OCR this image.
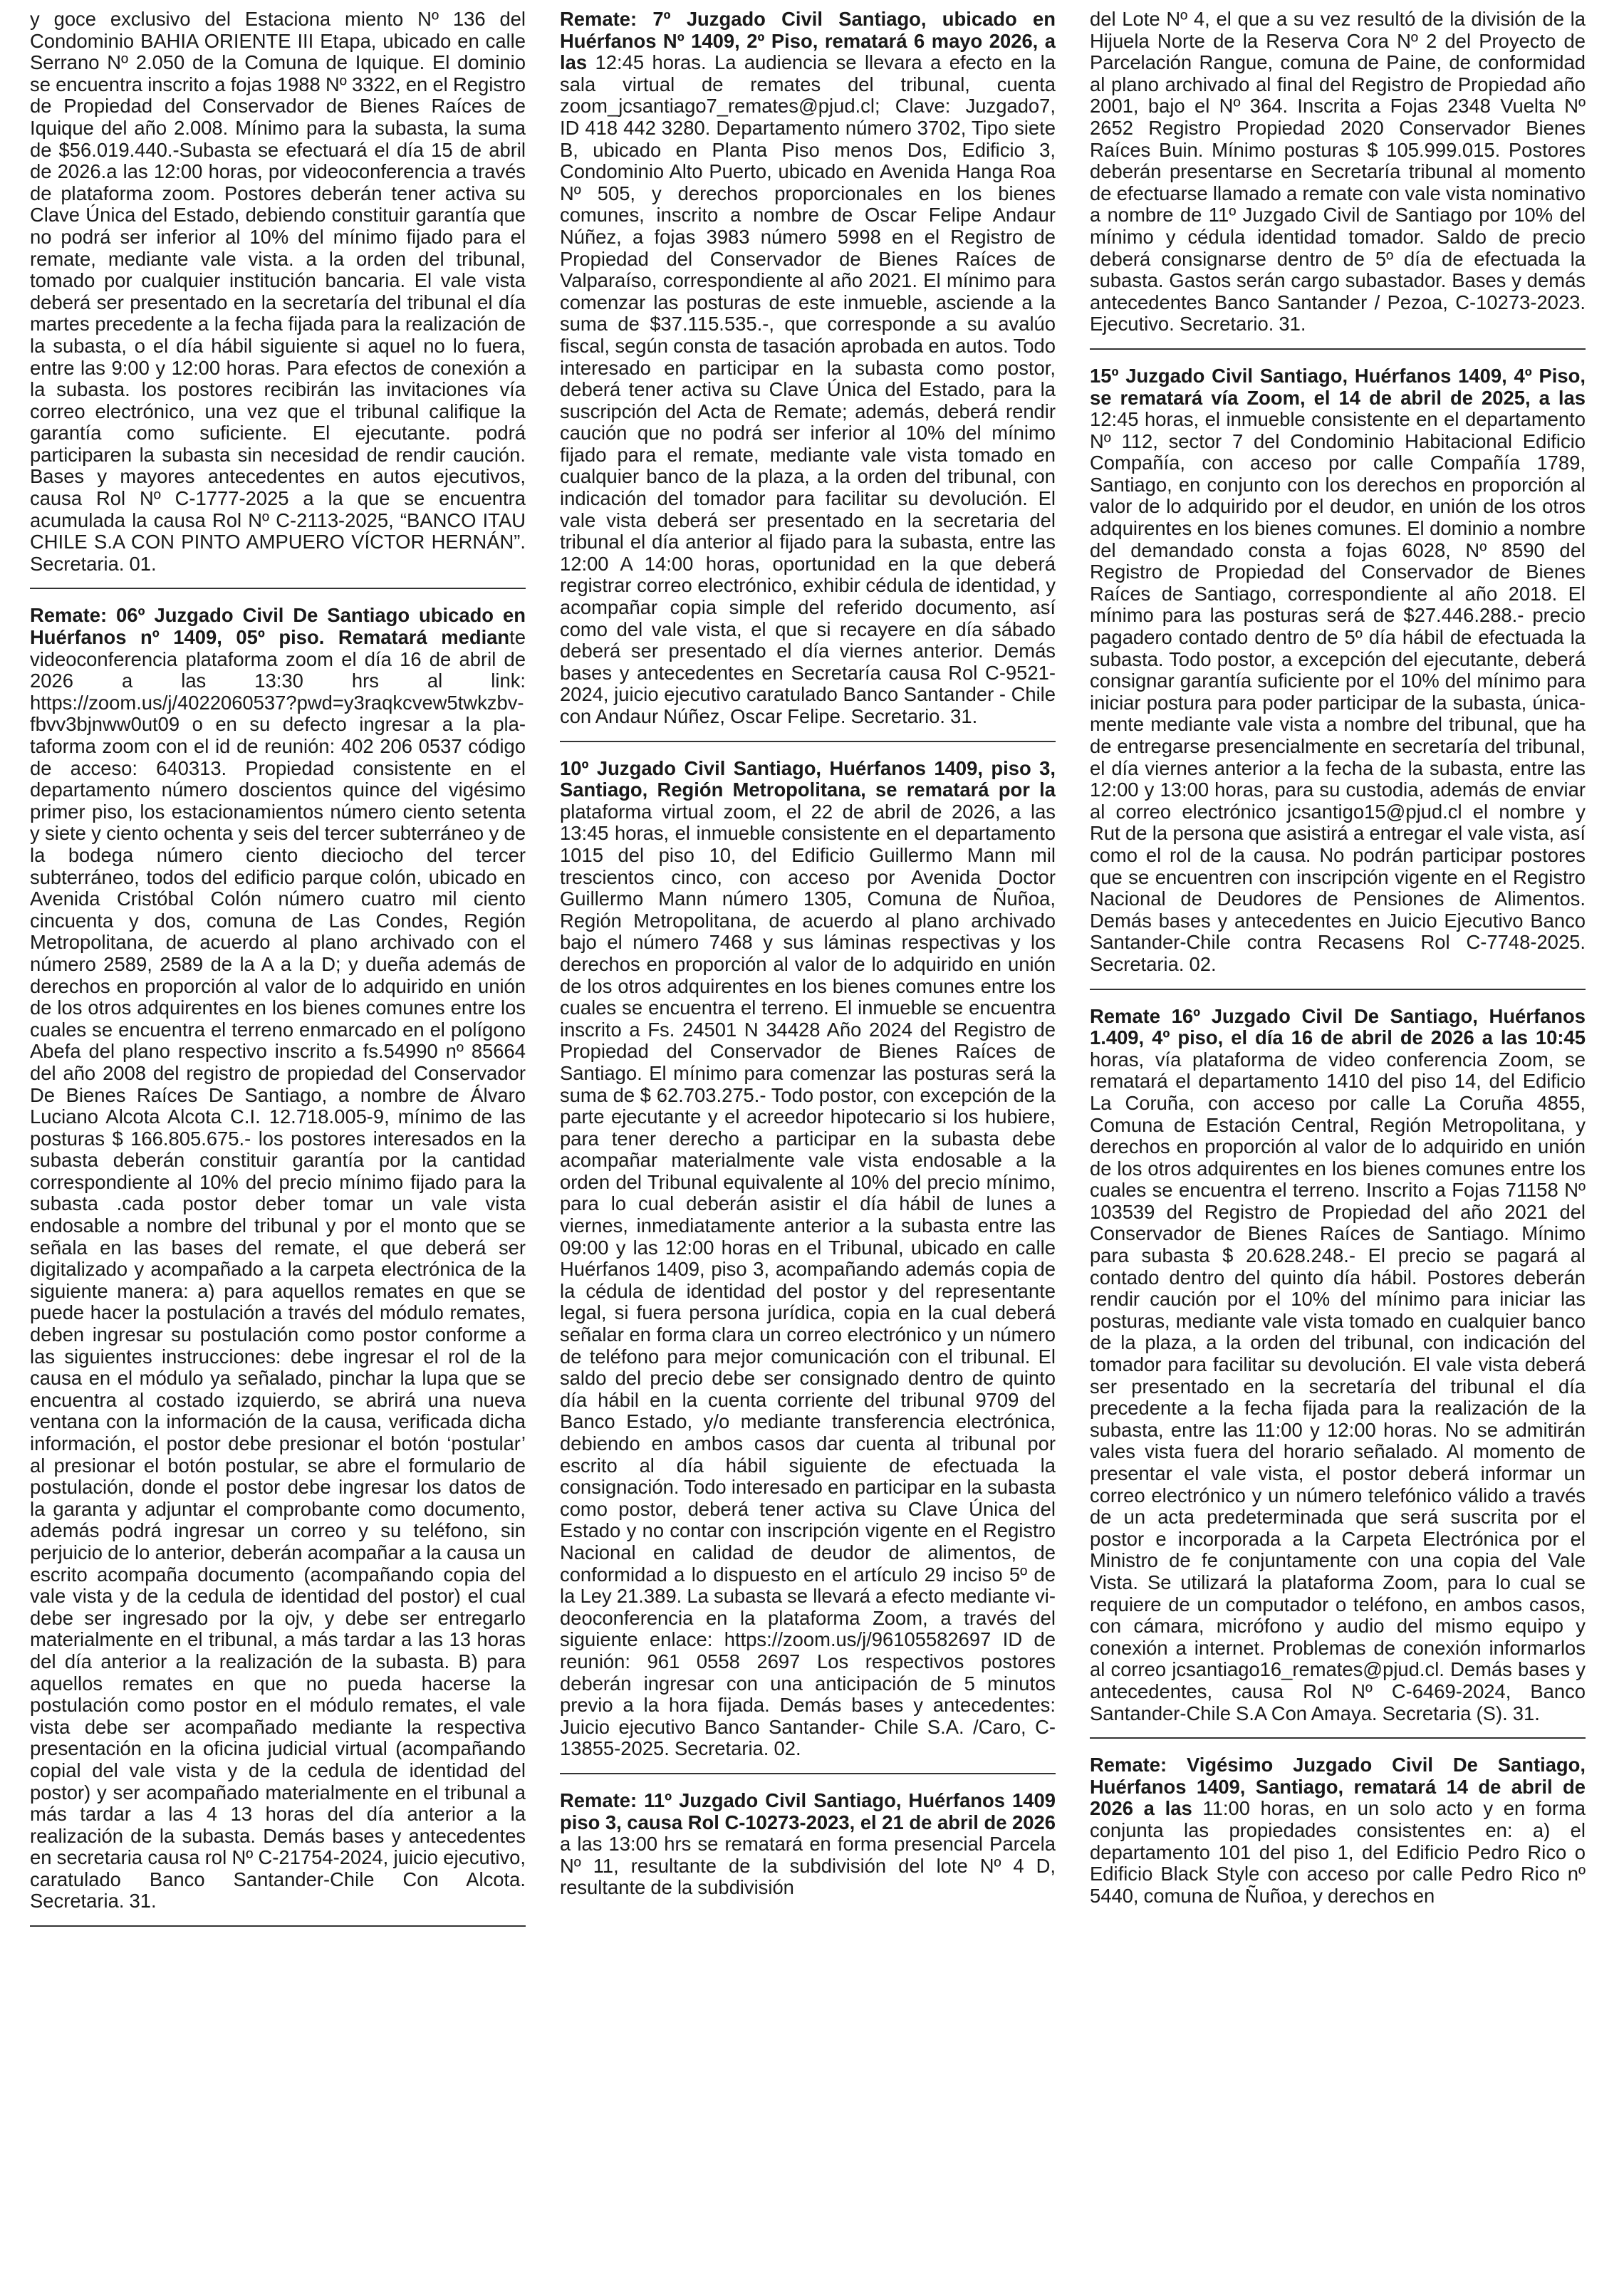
y goce exclusivo del Estaciona miento Nº 136 del Condominio BAHIA ORIENTE III Etapa, ubicado en calle Serrano Nº 2.050 de la Comuna de Iquique. El dominio se encuentra inscrito a fojas 1988 Nº 3322, en el Registro de Propiedad del Conservador de Bienes Raíces de Iquique del año 2.008. Mínimo para la subasta, la suma de $56.019.440.-Subasta se efectuará el día 15 de abril de 2026.a las 12:00 horas, por videoconferencia a través de plataforma zoom. Postores deberán tener activa su Clave Única del Estado, debiendo constituir garantía que no podrá ser inferior al 10% del mínimo fijado para el remate, mediante vale vista. a la orden del tribunal, tomado por cualquier institución bancaria. El vale vista deberá ser presentado en la secretaría del tribunal el día martes precedente a la fecha fijada para la realización de la subasta, o el día hábil siguiente si aquel no lo fuera, entre las 9:00 y 12:00 horas. Para efectos de conexión a la subasta. los postores recibirán las invitaciones vía correo electrónico, una vez que el tribunal califique la garantía como suficiente. El ejecutante. podrá participaren la subasta sin necesidad de rendir caución. Bases y mayores antecedentes en autos ejecutivos, causa Rol Nº C-1777-2025 a la que se encuentra acumulada la causa Rol Nº C-2113-2025, “BANCO ITAU CHILE S.A CON PINTO AMPUERO VÍCTOR HERNÁN”. Secretaria. 01.

Remate: 06º Juzgado Civil De Santiago ubicado en Huérfanos nº 1409, 05º piso. Rematará mediante videoconferencia plataforma zoom el día 16 de abril de 2026 a las 13:30 hrs al link: https://zoom.us/j/4022060537?pwd=y3raqkcvew5twkzbvfbvv3bjnww0ut09 o en su defecto ingresar a la plataforma zoom con el id de reunión: 402 206 0537 código de acceso: 640313. Propiedad consistente en el departamento número doscientos quince del vigésimo primer piso, los estacionamientos número ciento setenta y siete y ciento ochenta y seis del tercer subterráneo y de la bodega número ciento dieciocho del tercer subterráneo, todos del edificio parque colón, ubicado en Avenida Cristóbal Colón número cuatro mil ciento cincuenta y dos, comuna de Las Condes, Región Metropolitana, de acuerdo al plano archivado con el número 2589, 2589 de la A a la D; y dueña además de derechos en proporción al valor de lo adquirido en unión de los otros adquirentes en los bienes comunes entre los cuales se encuentra el terreno enmarcado en el polígono Abefa del plano respectivo inscrito a fs.54990 nº 85664 del año 2008 del registro de propiedad del Conservador De Bienes Raíces De Santiago, a nombre de Álvaro Luciano Alcota Alcota C.I. 12.718.005-9, mínimo de las posturas $ 166.805.675.- los postores interesados en la subasta deberán constituir garantía por la cantidad correspondiente al 10% del precio mínimo fijado para la subasta .cada postor deber tomar un vale vista endosable a nombre del tribunal y por el monto que se señala en las bases del remate, el que deberá ser digitalizado y acompañado a la carpeta electrónica de la siguiente manera: a) para aquellos remates en que se puede hacer la postulación a través del módulo remates, deben ingresar su postulación como postor conforme a las siguientes instrucciones: debe ingresar el rol de la causa en el módulo ya señalado, pinchar la lupa que se encuentra al costado izquierdo, se abrirá una nueva ventana con la información de la causa, verificada dicha información, el postor debe presionar el botón ‘postular’ al presionar el botón postular, se abre el formulario de postulación, donde el postor debe ingresar los datos de la garanta y adjuntar el comprobante como documento, además podrá ingresar un correo y su teléfono, sin perjuicio de lo anterior, deberán acompañar a la causa un escrito acompaña documento (acompañando copia del vale vista y de la cedula de identidad del postor) el cual debe ser ingresado por la ojv, y debe ser entregarlo materialmente en el tribunal, a más tardar a las 13 horas del día anterior a la realización de la subasta. B) para aquellos remates en que no pueda hacerse la postulación como postor en el módulo remates, el vale vista debe ser acompañado mediante la respectiva presentación en la oficina judicial virtual (acompañando copial del vale vista y de la cedula de identidad del postor) y ser acompañado materialmente en el tribunal a más tardar a las 4 13 horas del día anterior a la realización de la subasta. Demás bases y antecedentes en secretaria causa rol Nº C-21754-2024, juicio ejecutivo, caratulado Banco Santander-Chile Con Alcota. Secretaria. 31.

Remate: 7º Juzgado Civil Santiago, ubicado en Huérfanos Nº 1409, 2º Piso, rematará 6 mayo 2026, a las 12:45 horas. La audiencia se llevara a efecto en la sala virtual de remates del tribunal, cuenta zoom_jcsantiago7_remates@pjud.cl; Clave: Juzgado7, ID 418 442 3280. Departamento número 3702, Tipo siete B, ubicado en Planta Piso menos Dos, Edificio 3, Condominio Alto Puerto, ubicado en Avenida Hanga Roa Nº 505, y derechos proporcionales en los bienes comunes, inscrito a nombre de Oscar Felipe Andaur Núñez, a fojas 3983 número 5998 en el Registro de Propiedad del Conservador de Bienes Raíces de Valparaíso, correspondiente al año 2021. El mínimo para comenzar las posturas de este inmueble, asciende a la suma de $37.115.535.-, que corresponde a su avalúo fiscal, según consta de tasación aprobada en autos. Todo interesado en participar en la subasta como postor, deberá tener activa su Clave Única del Estado, para la suscripción del Acta de Remate; además, deberá rendir caución que no podrá ser inferior al 10% del mínimo fijado para el remate, mediante vale vista tomado en cualquier banco de la plaza, a la orden del tribunal, con indicación del tomador para facilitar su devolución. El vale vista deberá ser presentado en la secretaria del tribunal el día anterior al fijado para la subasta, entre las 12:00 A 14:00 horas, oportunidad en la que deberá registrar correo electrónico, exhibir cédula de identidad, y acompañar copia simple del referido documento, así como del vale vista, el que si recayere en día sábado deberá ser presentado el día viernes anterior. Demás bases y antecedentes en Secretaría causa Rol C-9521-2024, juicio ejecutivo caratulado Banco Santander - Chile con Andaur Núñez, Oscar Felipe. Secretario. 31.

10º Juzgado Civil Santiago, Huérfanos 1409, piso 3, Santiago, Región Metropolitana, se rematará por la plataforma virtual zoom, el 22 de abril de 2026, a las 13:45 horas, el inmueble consistente en el departamento 1015 del piso 10, del Edificio Guillermo Mann mil trescientos cinco, con acceso por Avenida Doctor Guillermo Mann número 1305, Comuna de Ñuñoa, Región Metropolitana, de acuerdo al plano archivado bajo el número 7468 y sus láminas respectivas y los derechos en proporción al valor de lo adquirido en unión de los otros adquirentes en los bienes comunes entre los cuales se encuentra el terreno. El inmueble se encuentra inscrito a Fs. 24501 N 34428 Año 2024 del Registro de Propiedad del Conservador de Bienes Raíces de Santiago. El mínimo para comenzar las posturas será la suma de $ 62.703.275.- Todo postor, con excepción de la parte ejecutante y el acreedor hipotecario si los hubiere, para tener derecho a participar en la subasta debe acompañar materialmente vale vista endosable a la orden del Tribunal equivalente al 10% del precio mínimo, para lo cual deberán asistir el día hábil de lunes a viernes, inmediatamente anterior a la subasta entre las 09:00 y las 12:00 horas en el Tribunal, ubicado en calle Huérfanos 1409, piso 3, acompañando además copia de la cédula de identidad del postor y del representante legal, si fuera persona jurídica, copia en la cual deberá señalar en forma clara un correo electrónico y un número de teléfono para mejor comunicación con el tribunal. El saldo del precio debe ser consignado dentro de quinto día hábil en la cuenta corriente del tribunal 9709 del Banco Estado, y/o mediante transferencia electrónica, debiendo en ambos casos dar cuenta al tribunal por escrito al día hábil siguiente de efectuada la consignación. Todo interesado en participar en la subasta como postor, deberá tener activa su Clave Única del Estado y no contar con inscripción vigente en el Registro Nacional en calidad de deudor de alimentos, de conformidad a lo dispuesto en el artículo 29 inciso 5º de la Ley 21.389. La subasta se llevará a efecto mediante videoconferencia en la plataforma Zoom, a través del siguiente enlace: https://zoom.us/j/96105582697 ID de reunión: 961 0558 2697 Los respectivos postores deberán ingresar con una anticipación de 5 minutos previo a la hora fijada. Demás bases y antecedentes: Juicio ejecutivo Banco Santander- Chile S.A. /Caro, C-13855-2025. Secretaria. 02.

Remate: 11º Juzgado Civil Santiago, Huérfanos 1409 piso 3, causa Rol C-10273-2023, el 21 de abril de 2026 a las 13:00 hrs se rematará en forma presencial Parcela Nº 11, resultante de la subdivisión del lote Nº 4 D, resultante de la subdivisión

del Lote Nº 4, el que a su vez resultó de la división de la Hijuela Norte de la Reserva Cora Nº 2 del Proyecto de Parcelación Rangue, comuna de Paine, de conformidad al plano archivado al final del Registro de Propiedad año 2001, bajo el Nº 364. Inscrita a Fojas 2348 Vuelta Nº 2652 Registro Propiedad 2020 Conservador Bienes Raíces Buin. Mínimo posturas $ 105.999.015. Postores deberán presentarse en Secretaría tribunal al momento de efectuarse llamado a remate con vale vista nominativo a nombre de 11º Juzgado Civil de Santiago por 10% del mínimo y cédula identidad tomador. Saldo de precio deberá consignarse dentro de 5º día de efectuada la subasta. Gastos serán cargo subastador. Bases y demás antecedentes Banco Santander / Pezoa, C-10273-2023. Ejecutivo. Secretario. 31.

15º Juzgado Civil Santiago, Huérfanos 1409, 4º Piso, se rematará vía Zoom, el 14 de abril de 2025, a las 12:45 horas, el inmueble consistente en el departamento Nº 112, sector 7 del Condominio Habitacional Edificio Compañía, con acceso por calle Compañía 1789, Santiago, en conjunto con los derechos en proporción al valor de lo adquirido por el deudor, en unión de los otros adquirentes en los bienes comunes. El dominio a nombre del demandado consta a fojas 6028, Nº 8590 del Registro de Propiedad del Conservador de Bienes Raíces de Santiago, correspondiente al año 2018. El mínimo para las posturas será de $27.446.288.- precio pagadero contado dentro de 5º día hábil de efectuada la subasta. Todo postor, a excepción del ejecutante, deberá consignar garantía suficiente por el 10% del mínimo para iniciar postura para poder participar de la subasta, únicamente mediante vale vista a nombre del tribunal, que ha de entregarse presencialmente en secretaría del tribunal, el día viernes anterior a la fecha de la subasta, entre las 12:00 y 13:00 horas, para su custodia, además de enviar al correo electrónico jcsantigo15@pjud.cl el nombre y Rut de la persona que asistirá a entregar el vale vista, así como el rol de la causa. No podrán participar postores que se encuentren con inscripción vigente en el Registro Nacional de Deudores de Pensiones de Alimentos. Demás bases y antecedentes en Juicio Ejecutivo Banco Santander-Chile contra Recasens Rol C-7748-2025. Secretaria. 02.

Remate 16º Juzgado Civil De Santiago, Huérfanos 1.409, 4º piso, el día 16 de abril de 2026 a las 10:45 horas, vía plataforma de video conferencia Zoom, se rematará el departamento 1410 del piso 14, del Edificio La Coruña, con acceso por calle La Coruña 4855, Comuna de Estación Central, Región Metropolitana, y derechos en proporción al valor de lo adquirido en unión de los otros adquirentes en los bienes comunes entre los cuales se encuentra el terreno. Inscrito a Fojas 71158 Nº 103539 del Registro de Propiedad del año 2021 del Conservador de Bienes Raíces de Santiago. Mínimo para subasta $ 20.628.248.- El precio se pagará al contado dentro del quinto día hábil. Postores deberán rendir caución por el 10% del mínimo para iniciar las posturas, mediante vale vista tomado en cualquier banco de la plaza, a la orden del tribunal, con indicación del tomador para facilitar su devolución. El vale vista deberá ser presentado en la secretaría del tribunal el día precedente a la fecha fijada para la realización de la subasta, entre las 11:00 y 12:00 horas. No se admitirán vales vista fuera del horario señalado. Al momento de presentar el vale vista, el postor deberá informar un correo electrónico y un número telefónico válido a través de un acta predeterminada que será suscrita por el postor e incorporada a la Carpeta Electrónica por el Ministro de fe conjuntamente con una copia del Vale Vista. Se utilizará la plataforma Zoom, para lo cual se requiere de un computador o teléfono, en ambos casos, con cámara, micrófono y audio del mismo equipo y conexión a internet. Problemas de conexión informarlos al correo jcsantiago16_remates@pjud.cl. Demás bases y antecedentes, causa Rol Nº C-6469-2024, Banco Santander-Chile S.A Con Amaya. Secretaria (S). 31.

Remate: Vigésimo Juzgado Civil De Santiago, Huérfanos 1409, Santiago, rematará 14 de abril de 2026 a las 11:00 horas, en un solo acto y en forma conjunta las propiedades consistentes en: a) el departamento 101 del piso 1, del Edificio Pedro Rico o Edificio Black Style con acceso por calle Pedro Rico nº 5440, comuna de Ñuñoa, y derechos en
